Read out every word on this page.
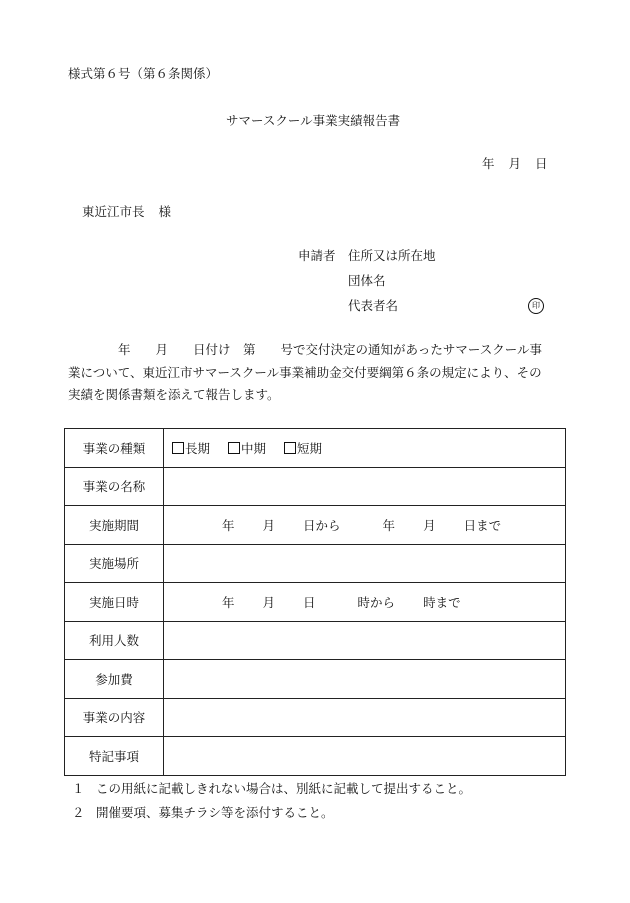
様式第６号（第６条関係）
サマースクール事業実績報告書
年 月 日
東近江市長 様
申請者 住所又は所在地
団体名
代表者名	印

　　　　年　　月　　日付け　第　　号で交付決定の通知があったサマースクール事

業について、東近江市サマースクール事業補助金交付要綱第６条の規定により、その

実績を関係書類を添えて報告します。

事業の種類	長期 中期 短期
事業の名称	
実施期間	年 月 日から 年 月 日まで
実施場所	
実施日時	年 月 日 時から 時まで
利用人数	
参加費	
事業の内容	
特記事項	
１ この用紙に記載しきれない場合は、別紙に記載して提出すること。
２ 開催要項、募集チラシ等を添付すること。
